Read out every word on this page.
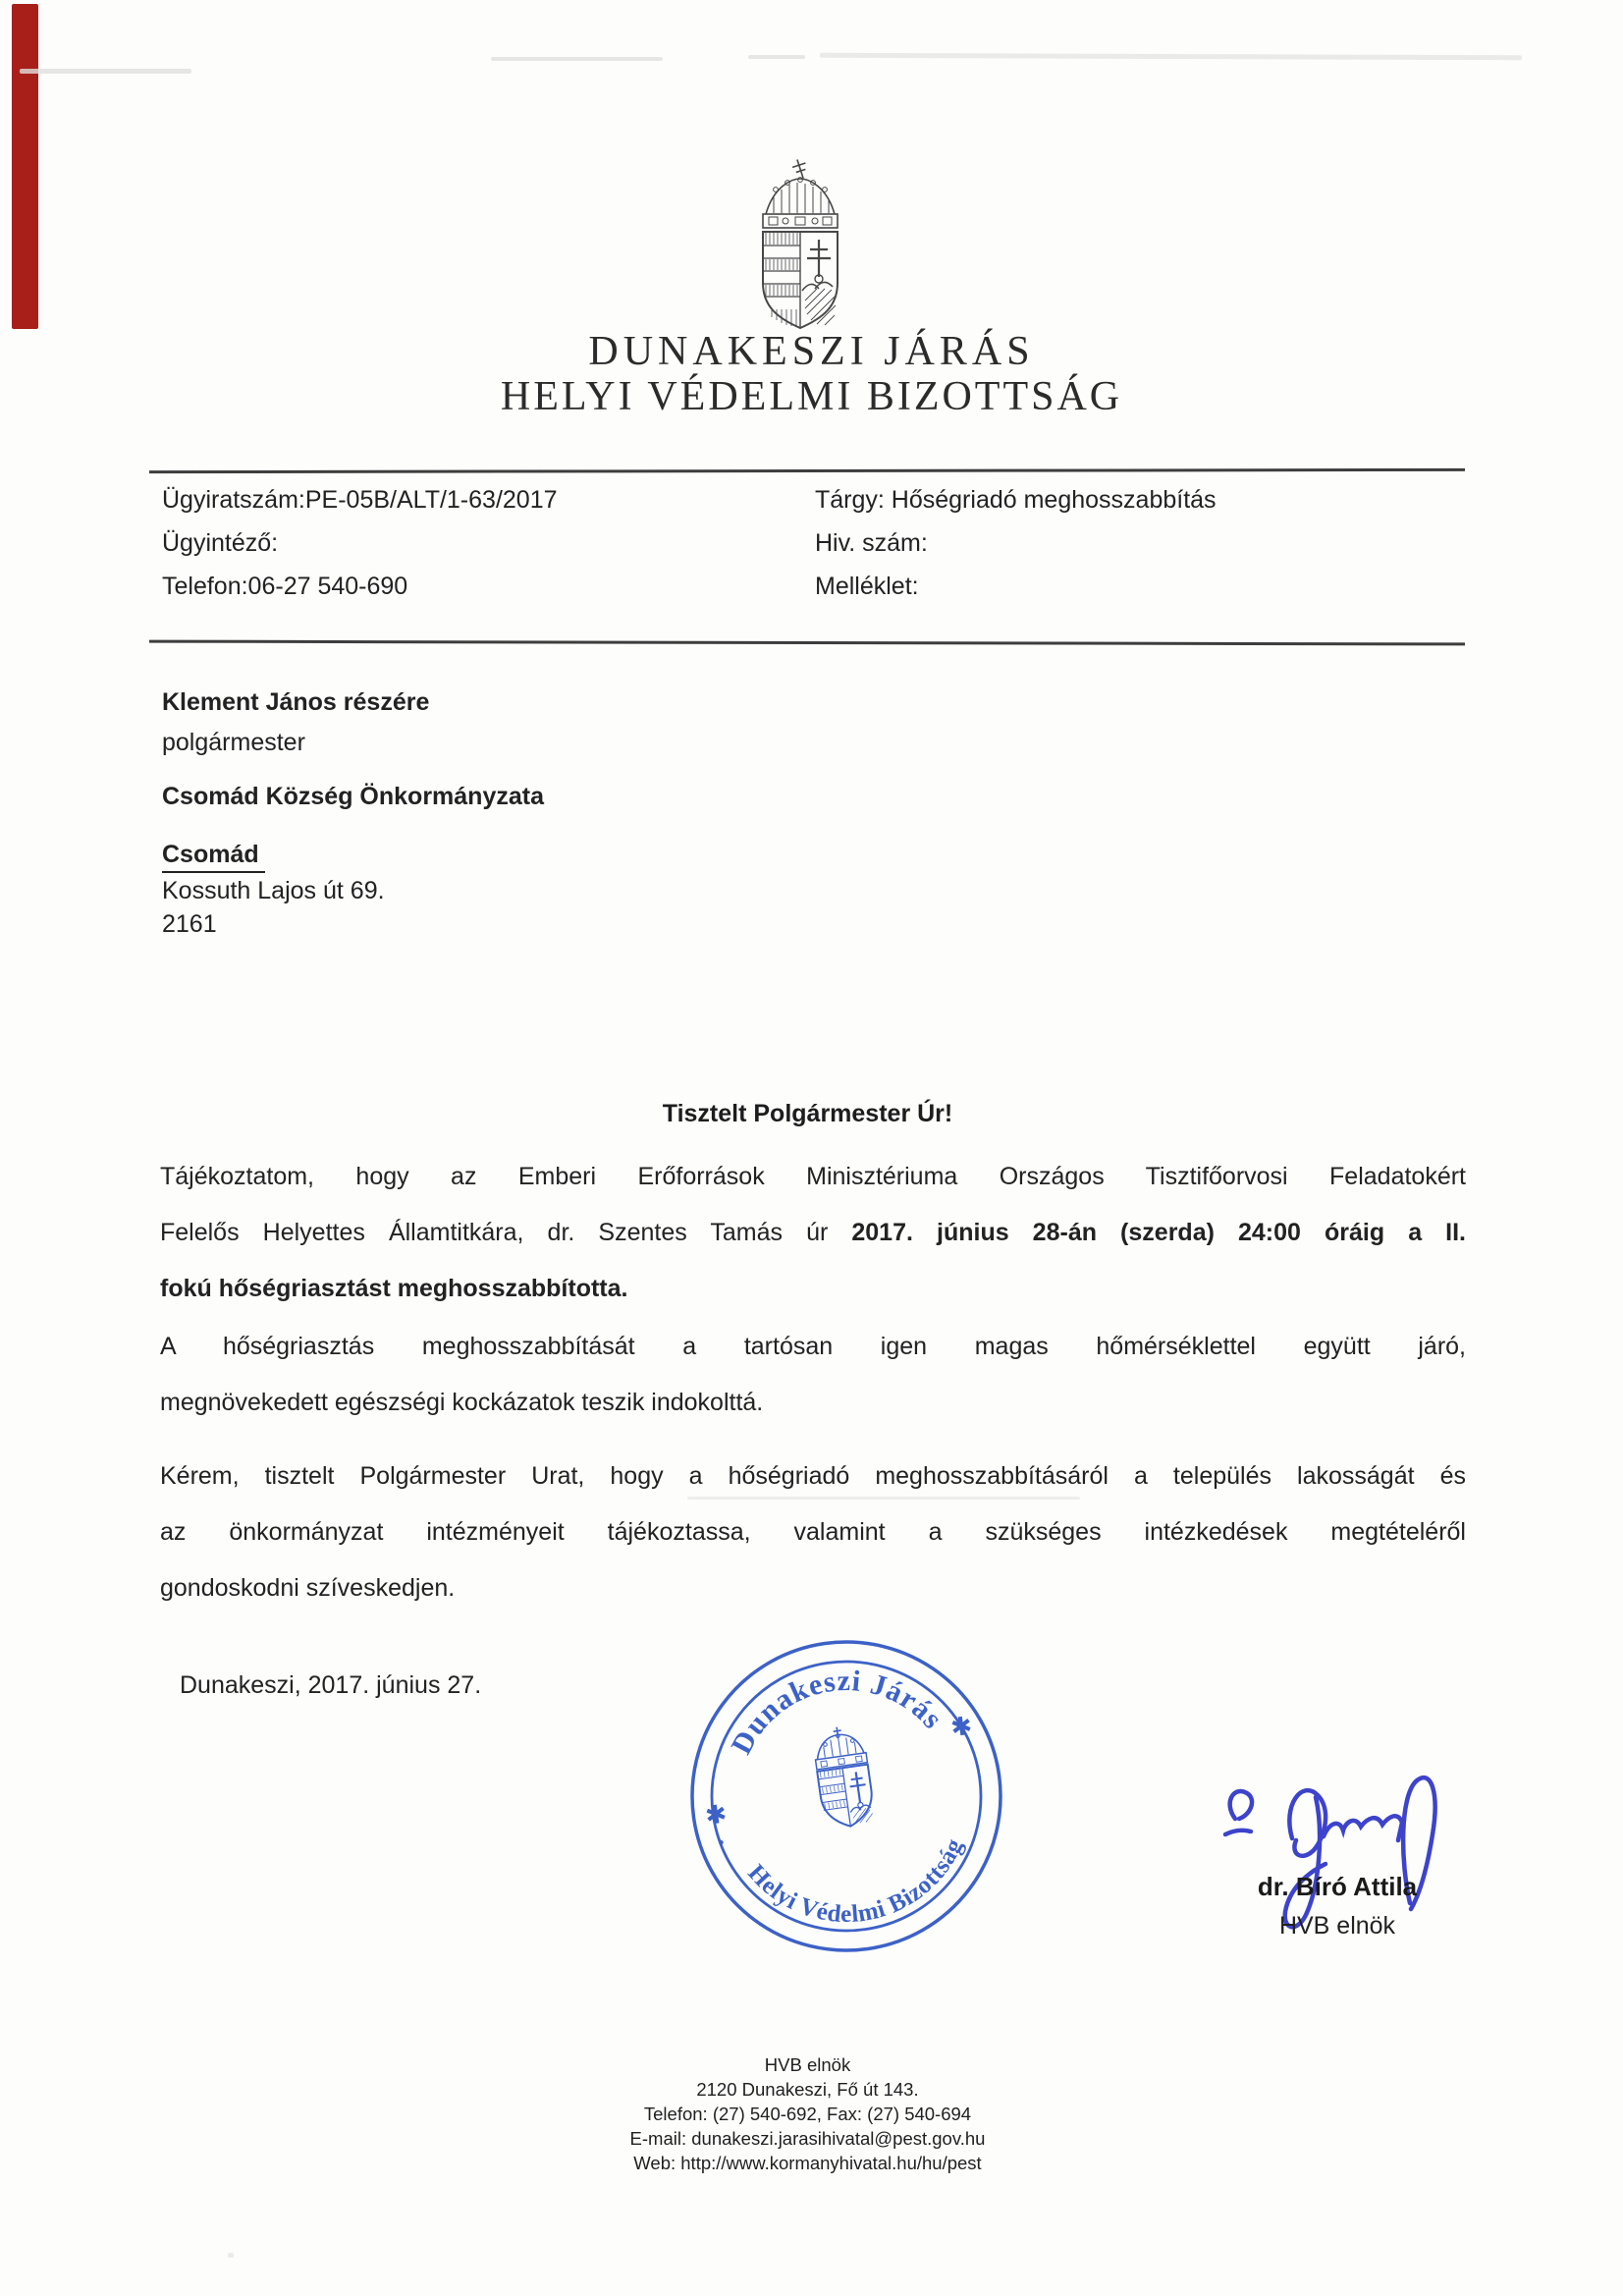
DUNAKESZI JÁRÁS
HELYI VÉDELMI BIZOTTSÁG
Ügyiratszám:PE-05B/ALT/1-63/2017
Ügyintéző:
Telefon:06-27 540-690
Tárgy: Hőségriadó meghosszabbítás
Hiv. szám:
Melléklet:
Klement János részére
polgármester
Csomád Község Önkormányzata
Csomád
Kossuth Lajos út 69.
2161
Tisztelt Polgármester Úr!
Tájékoztatom, hogy az Emberi Erőforrások Minisztériuma Országos Tisztifőorvosi Feladatokért
Felelős Helyettes Államtitkára, dr. Szentes Tamás úr 2017. június 28-án (szerda) 24:00 óráig a II.
fokú hőségriasztást meghosszabbította.
A hőségriasztás meghosszabbítását a tartósan igen magas hőmérséklettel együtt járó,
megnövekedett egészségi kockázatok teszik indokolttá.
Kérem, tisztelt Polgármester Urat, hogy a hőségriadó meghosszabbításáról a település lakosságát és
az önkormányzat intézményeit tájékoztassa, valamint a szükséges intézkedések megtételéről
gondoskodni szíveskedjen.
Dunakeszi, 2017. június 27.
Dunakeszi Járás
Helyi Védelmi Bizottság
✱
✱
dr. Bíró Attila
HVB elnök
HVB elnök
2120 Dunakeszi, Fő út 143.
Telefon: (27) 540-692, Fax: (27) 540-694
E-mail: dunakeszi.jarasihivatal@pest.gov.hu
Web: http://www.kormanyhivatal.hu/hu/pest
